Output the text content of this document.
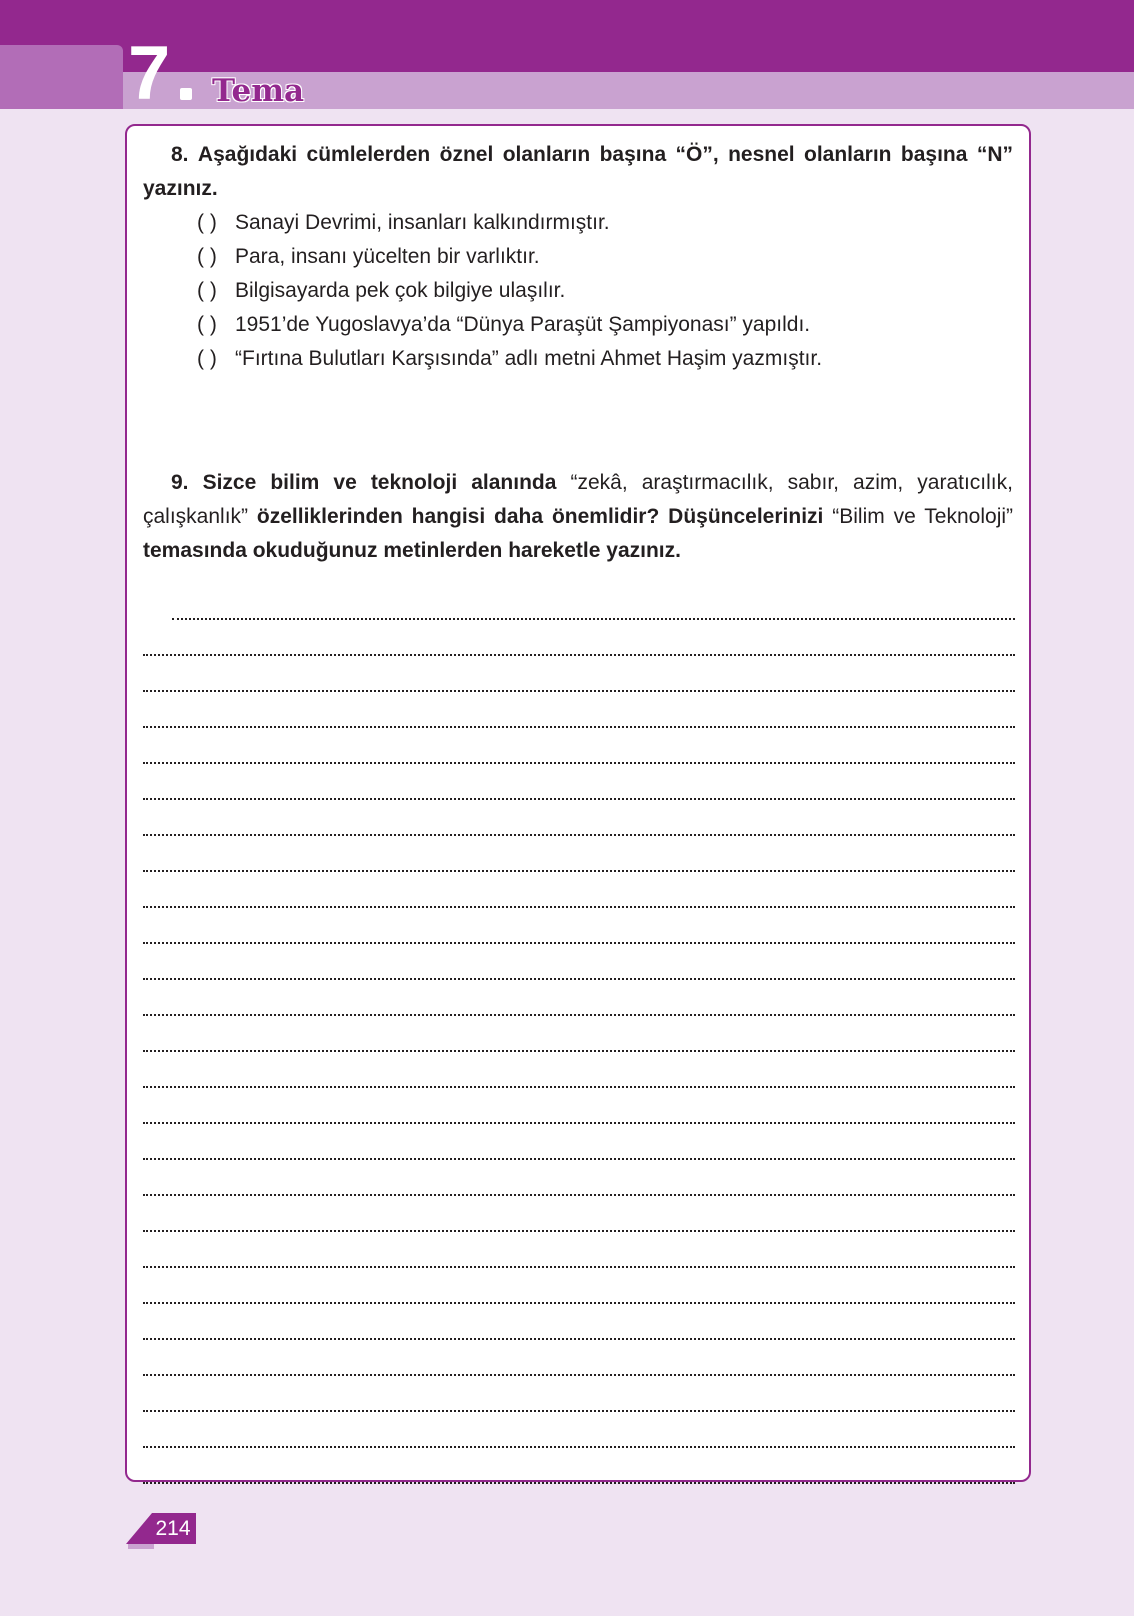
7 Tema
8. Aşağıdaki cümlelerden öznel olanların başına “Ö”, nesnel olanların başına “N” yazınız.
( ) Sanayi Devrimi, insanları kalkındırmıştır.
( ) Para, insanı yücelten bir varlıktır.
( ) Bilgisayarda pek çok bilgiye ulaşılır.
( ) 1951’de Yugoslavya’da “Dünya Paraşüt Şampiyonası” yapıldı.
( ) “Fırtına Bulutları Karşısında” adlı metni Ahmet Haşim yazmıştır.
9. Sizce bilim ve teknoloji alanında “zekâ, araştırmacılık, sabır, azim, yaratıcılık, çalışkanlık” özelliklerinden hangisi daha önemlidir? Düşüncelerinizi “Bilim ve Teknoloji” temasında okuduğunuz metinlerden hareketle yazınız.
214
